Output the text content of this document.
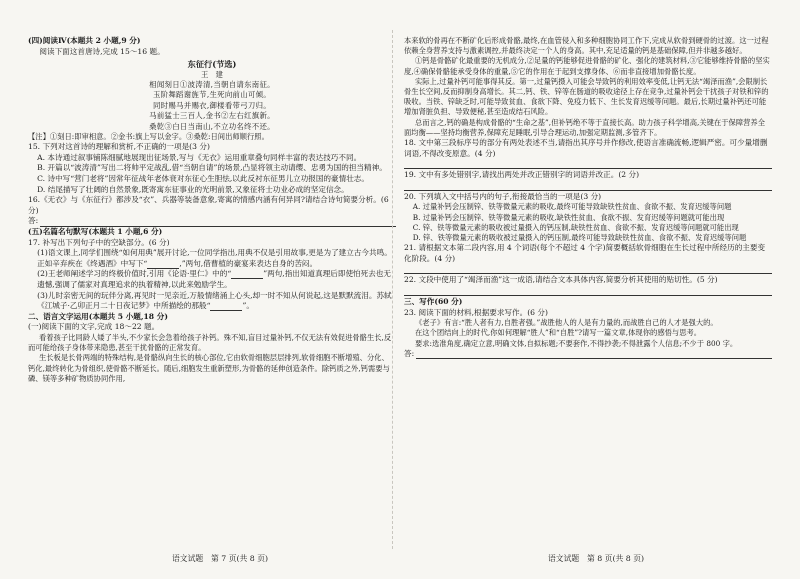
(四)阅读Ⅳ(本题共 2 小题,9 分)

阅读下面这首唐诗,完成 15～16 题。

东征行(节选)

王　建

相闻刻日①波涛清,当朝自请东南征。

玉阶舞蹈谢旌节,生死向前山可倾。

同时赐马并赐衣,御楼看带弓刀归。

马前猛士三百人,金书②左右红旗新。

桑乾③白日当南山,不立功名终不还。

【注】①刻日:即审相意。②金书:旗上写以金字。③桑乾:日间出师顺行照。

15. 下列对这首诗的理解和赏析,不正确的一项是(3 分)

A. 本诗通过叙事铺陈细腻地展现出征场景,写与《无衣》运用重章叠句同样丰富的表达技巧不同。

B. 开篇以“波涛清”写出二将帅平定战乱,借“当朝自请”的场景,凸显将领主动请缨、忠勇为国的担当精神。

C. 诗中写“营门老将”因常年征战年老体衰对东征心生胆怯,以此反衬东征男儿立功报国的豪情壮志。

D. 结尾描写了壮阔的自然景象,既寄寓东征事业的光明前景,又象征将士功业必成的坚定信念。

16.《无衣》与《东征行》都涉及“衣”、兵器等装备意象,寄寓的情感内涵有何异同?请结合诗句简要分析。(6 分)

答:

(五)名篇名句默写(本题共 1 小题,6 分)

17. 补写出下列句子中的空缺部分。(6 分)

(1)语文课上,同学们围绕“如何用典”展开讨论,一位同学指出,用典不仅是引用故事,更是为了建立古今共鸣。正如辛弃疾在《终遇酒》中写下“	,”两句,借曹植的豪宴来表达自身的苦闷。

(2)王老师阐述学习的终极价值时,引用《论语·里仁》中的“	”两句,指出知道真理后即使怕死去也无遗憾,强调了儒家对真理追求的执着精神,以此来勉励学生。

(3)儿时亲密无间的玩伴分离,再见时一见亲近,万般情绪涌上心头,却一时不知从何说起,这是默默流泪。苏轼《江城子·乙卯正月二十日夜记梦》中所描绘的那般“	”。

二、语言文字运用(本题共 5 小题,18 分)

(一)阅读下面的文字,完成 18～22 题。

看着孩子比同龄人矮了半头,不少家长会急着给孩子补钙。殊不知,盲目过量补钙,不仅无法有效促进骨骼生长,反而可能给孩子身体带来隐患,甚至干扰骨骼的正常发育。

生长板是长骨两端的特殊结构,是骨骼纵向生长的核心部位,它由软骨细胞层层排列,软骨细胞不断增殖、分化、钙化,最终转化为骨组织,使骨骼不断延长。随后,细胞发生重新塑形,为骨骼的延伸创造条件。除钙质之外,钙需要与磷、镁等多种矿物质协同作用,

本来软的骨再在不断矿化后形成骨骼,最终,在血管侵入和多种细胞协同工作下,完成从软骨到硬骨的过渡。这一过程依赖全身营养支持与激素调控,并最终决定一个人的身高。其中,充足适量的钙是基础保障,但并非越多越好。

①钙是骨骼矿化最重要的无机成分,②足量的钙能够促进骨骼的矿化、强化的建筑材料,③它能够维持骨骼的坚实度,④确保骨骼能承受身体的重量,⑤它的作用在于起到支撑身体、⑥而非直接增加骨骼长度。

实际上,过量补钙可能事得其反。第一,过量钙摄入可能会导致钙的利用效率变低,让钙无法“竭泽而渔”,会限制长骨生长空间,反而抑制身高增长。其二,钙、铁、锌等在肠道的吸收途径上存在竞争,过量补钙会干扰孩子对铁和锌的吸收。当铁、锌缺乏时,可能导致贫血、食欲下降、免疫力低下、生长发育迟缓等问题。最后,长期过量补钙还可能增加肾脏负担、导致便秘,甚至造成结石风险。

总而言之,钙的确是构成骨骼的“生命之基”,但补钙绝不等于直接长高。助力孩子科学增高,关键在于保障营养全面均衡——坚持均衡营养,保障充足睡眠,引导合理运动,加强定期监测,多管齐下。

18. 文中第三段标序号的部分有两处表述不当,请指出其序号并作修改,使语言准确流畅,逻辑严密。可少量增删词语,不得改变原意。(4 分)

19. 文中有多处错别字,请找出两处并改正错别字的词语并改正。(2 分)

20. 下列填入文中括号内的句子,衔接最恰当的一项是(3 分)

A. 过量补钙会压制锌、铁等微量元素的吸收,最终可能导致缺铁性贫血、食欲不振、发育迟缓等问题

B. 过量补钙会压制锌、铁等微量元素的吸收,缺铁性贫血、食欲不振、发育迟缓等问题就可能出现

C. 锌、铁等微量元素的吸收被过量摄入的钙压制,缺铁性贫血、食欲不振、发育迟缓等问题就可能出现

D. 锌、铁等微量元素的吸收被过量摄入的钙压制,最终可能导致缺铁性贫血、食欲不振、发育迟缓等问题

21. 请根据文本第二段内容,用 4 个词语(每个不超过 4 个字)简要概括软骨细胞在生长过程中所经历的主要变化阶段。(4 分)

22. 文段中使用了“竭泽而渔”这一成语,请结合文本具体内容,简要分析其使用的贴切性。(5 分)

三、写作(60 分)

23. 阅读下面的材料,根据要求写作。(6 分)

《老子》有言:“胜人者有力,自胜者强。”战胜他人的人是有力量的,而战胜自己的人才是强大的。

在这个团结向上的时代,你如何理解“胜人”和“自胜”?请写一篇文章,体现你的感悟与思考。

要求:选准角度,确定立意,明确文体,自拟标题;不要套作,不得抄袭;不得泄露个人信息;不少于 800 字。

答:
语文试题　第 7 页(共 8 页)	语文试题　第 8 页(共 8 页)
